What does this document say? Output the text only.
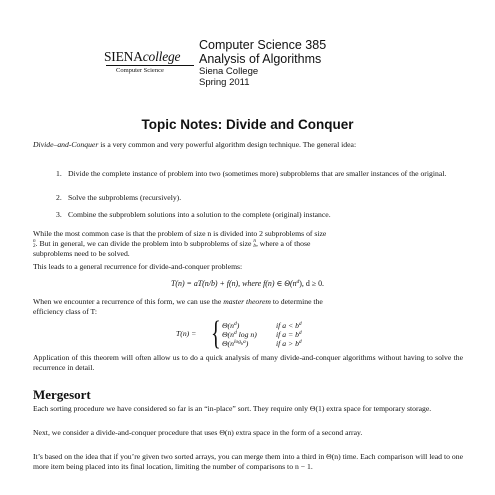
SIENAcollege
Computer Science
Computer Science 385
Analysis of Algorithms
Siena College
Spring 2011
Topic Notes: Divide and Conquer
Divide–and-Conquer is a very common and very powerful algorithm design technique. The general idea:
1. Divide the complete instance of problem into two (sometimes more) subproblems that are smaller instances of the original.
2. Solve the subproblems (recursively).
3. Combine the subproblem solutions into a solution to the complete (original) instance.
While the most common case is that the problem of size n is divided into 2 subproblems of size
n
2. But in general, we can divide the problem into b subproblems of size n
b, where a of those
subproblems need to be solved.
This leads to a general recurrence for divide-and-conquer problems:
T(n) = aT(n/b) + f(n), where f(n) ∈ $\Theta(n^d)$, d ≥ 0.
When we encounter a recurrence of this form, we can use the master theorem to determine the
efficiency class of T:
T(n) = { $\Theta(n^d)$	if $a < b^d$
$\Theta(n^d$ log n) if $a = b^d$
$\Theta(n^{log_ba})$	if $a > b^d$
Application of this theorem will often allow us to do a quick analysis of many divide-and-conquer algorithms without having to solve the recurrence in detail.
Mergesort
Each sorting procedure we have considered so far is an “in-place” sort. They require only Θ(1) extra space for temporary storage.
Next, we consider a divide-and-conquer procedure that uses Θ(n) extra space in the form of a second array.
It’s based on the idea that if you’re given two sorted arrays, you can merge them into a third in Θ(n) time. Each comparison will lead to one more item being placed into its final location, limiting the number of comparisons to n − 1.
